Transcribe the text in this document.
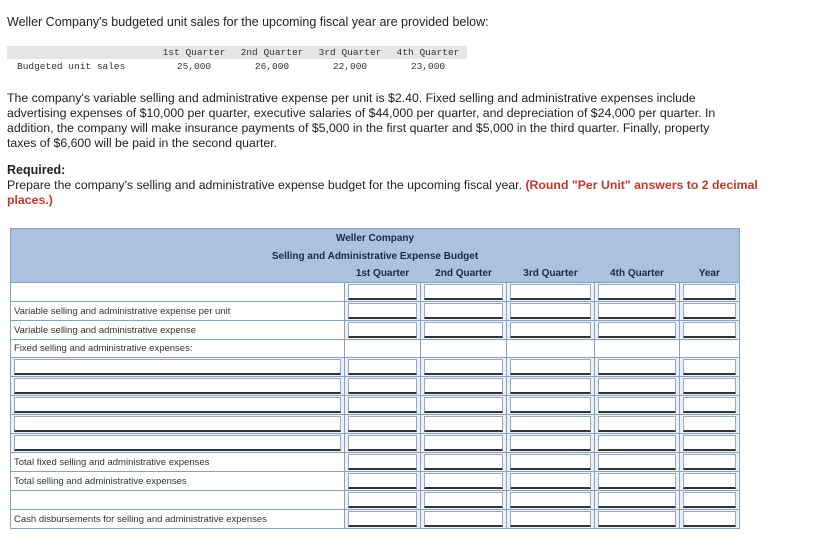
Weller Company's budgeted unit sales for the upcoming fiscal year are provided below:
	1st Quarter	2nd Quarter	3rd Quarter	4th Quarter
Budgeted unit sales	25,000	26,000	22,000	23,000
The company's variable selling and administrative expense per unit is $2.40. Fixed selling and administrative expenses include advertising expenses of $10,000 per quarter, executive salaries of $44,000 per quarter, and depreciation of $24,000 per quarter. In addition, the company will make insurance payments of $5,000 in the first quarter and $5,000 in the third quarter. Finally, property taxes of $6,600 will be paid in the second quarter.
Required:
Prepare the company's selling and administrative expense budget for the upcoming fiscal year. (Round "Per Unit" answers to 2 decimal places.)
Weller Company					
Selling and Administrative Expense Budget					
	1st Quarter	2nd Quarter	3rd Quarter	4th Quarter	Year

Variable selling and administrative expense per unit	

Variable selling and administrative expense	

Fixed selling and administrative expenses:					

Total fixed selling and administrative expenses	

Total selling and administrative expenses	

Cash disbursements for selling and administrative expenses	
